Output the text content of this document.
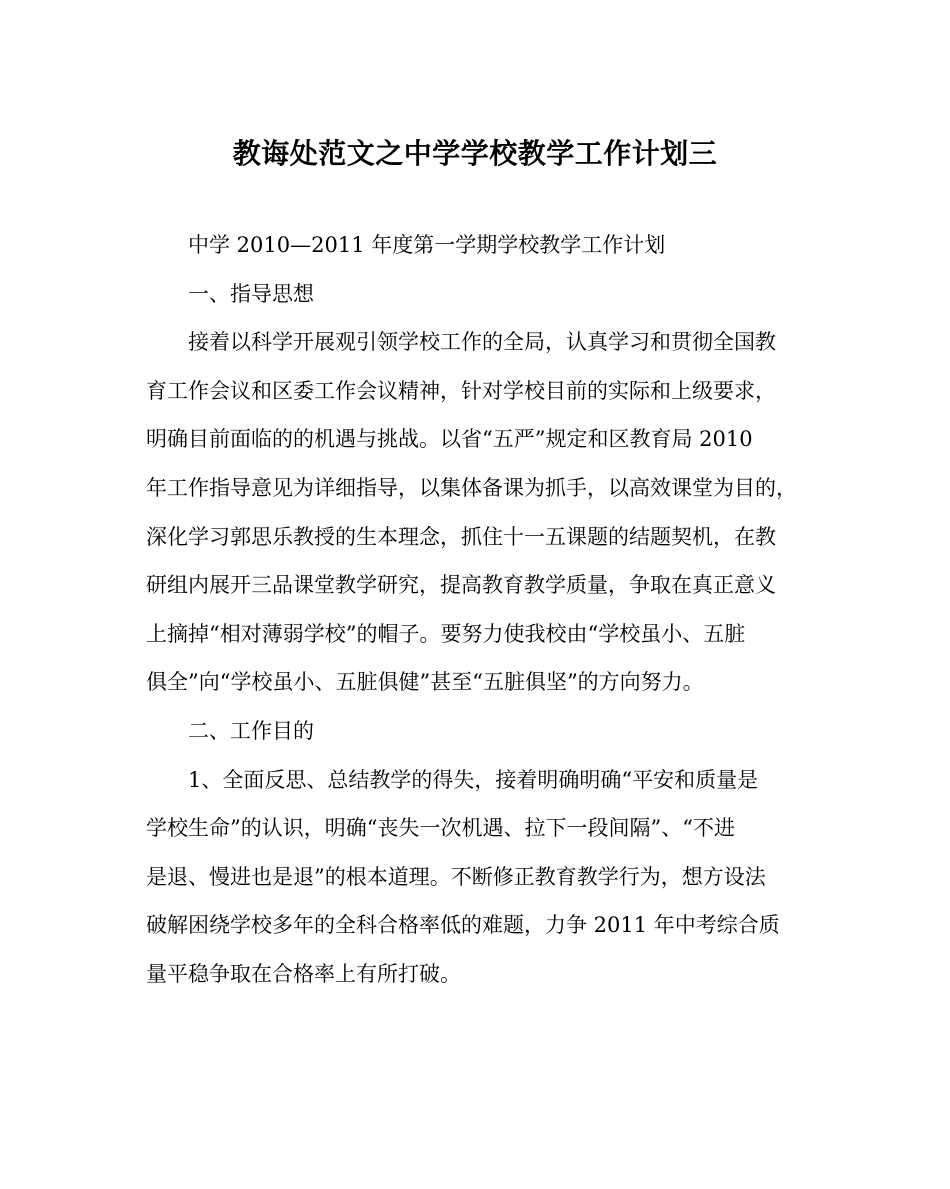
教诲处范文之中学学校教学工作计划三
中学 2010—2011 年度第一学期学校教学工作计划
一、指导思想
接着以科学开展观引领学校工作的全局，认真学习和贯彻全国教
育工作会议和区委工作会议精神，针对学校目前的实际和上级要求，
明确目前面临的的机遇与挑战。以省“五严”规定和区教育局 2010
年工作指导意见为详细指导，以集体备课为抓手，以高效课堂为目的，
深化学习郭思乐教授的生本理念，抓住十一五课题的结题契机，在教
研组内展开三品课堂教学研究，提高教育教学质量，争取在真正意义
上摘掉“相对薄弱学校”的帽子。要努力使我校由“学校虽小、五脏
俱全”向“学校虽小、五脏俱健”甚至“五脏俱坚”的方向努力。
二、工作目的
1、全面反思、总结教学的得失，接着明确明确“平安和质量是
学校生命”的认识，明确“丧失一次机遇、拉下一段间隔”、“不进
是退、慢进也是退”的根本道理。不断修正教育教学行为，想方设法
破解困绕学校多年的全科合格率低的难题，力争 2011 年中考综合质
量平稳争取在合格率上有所打破。
